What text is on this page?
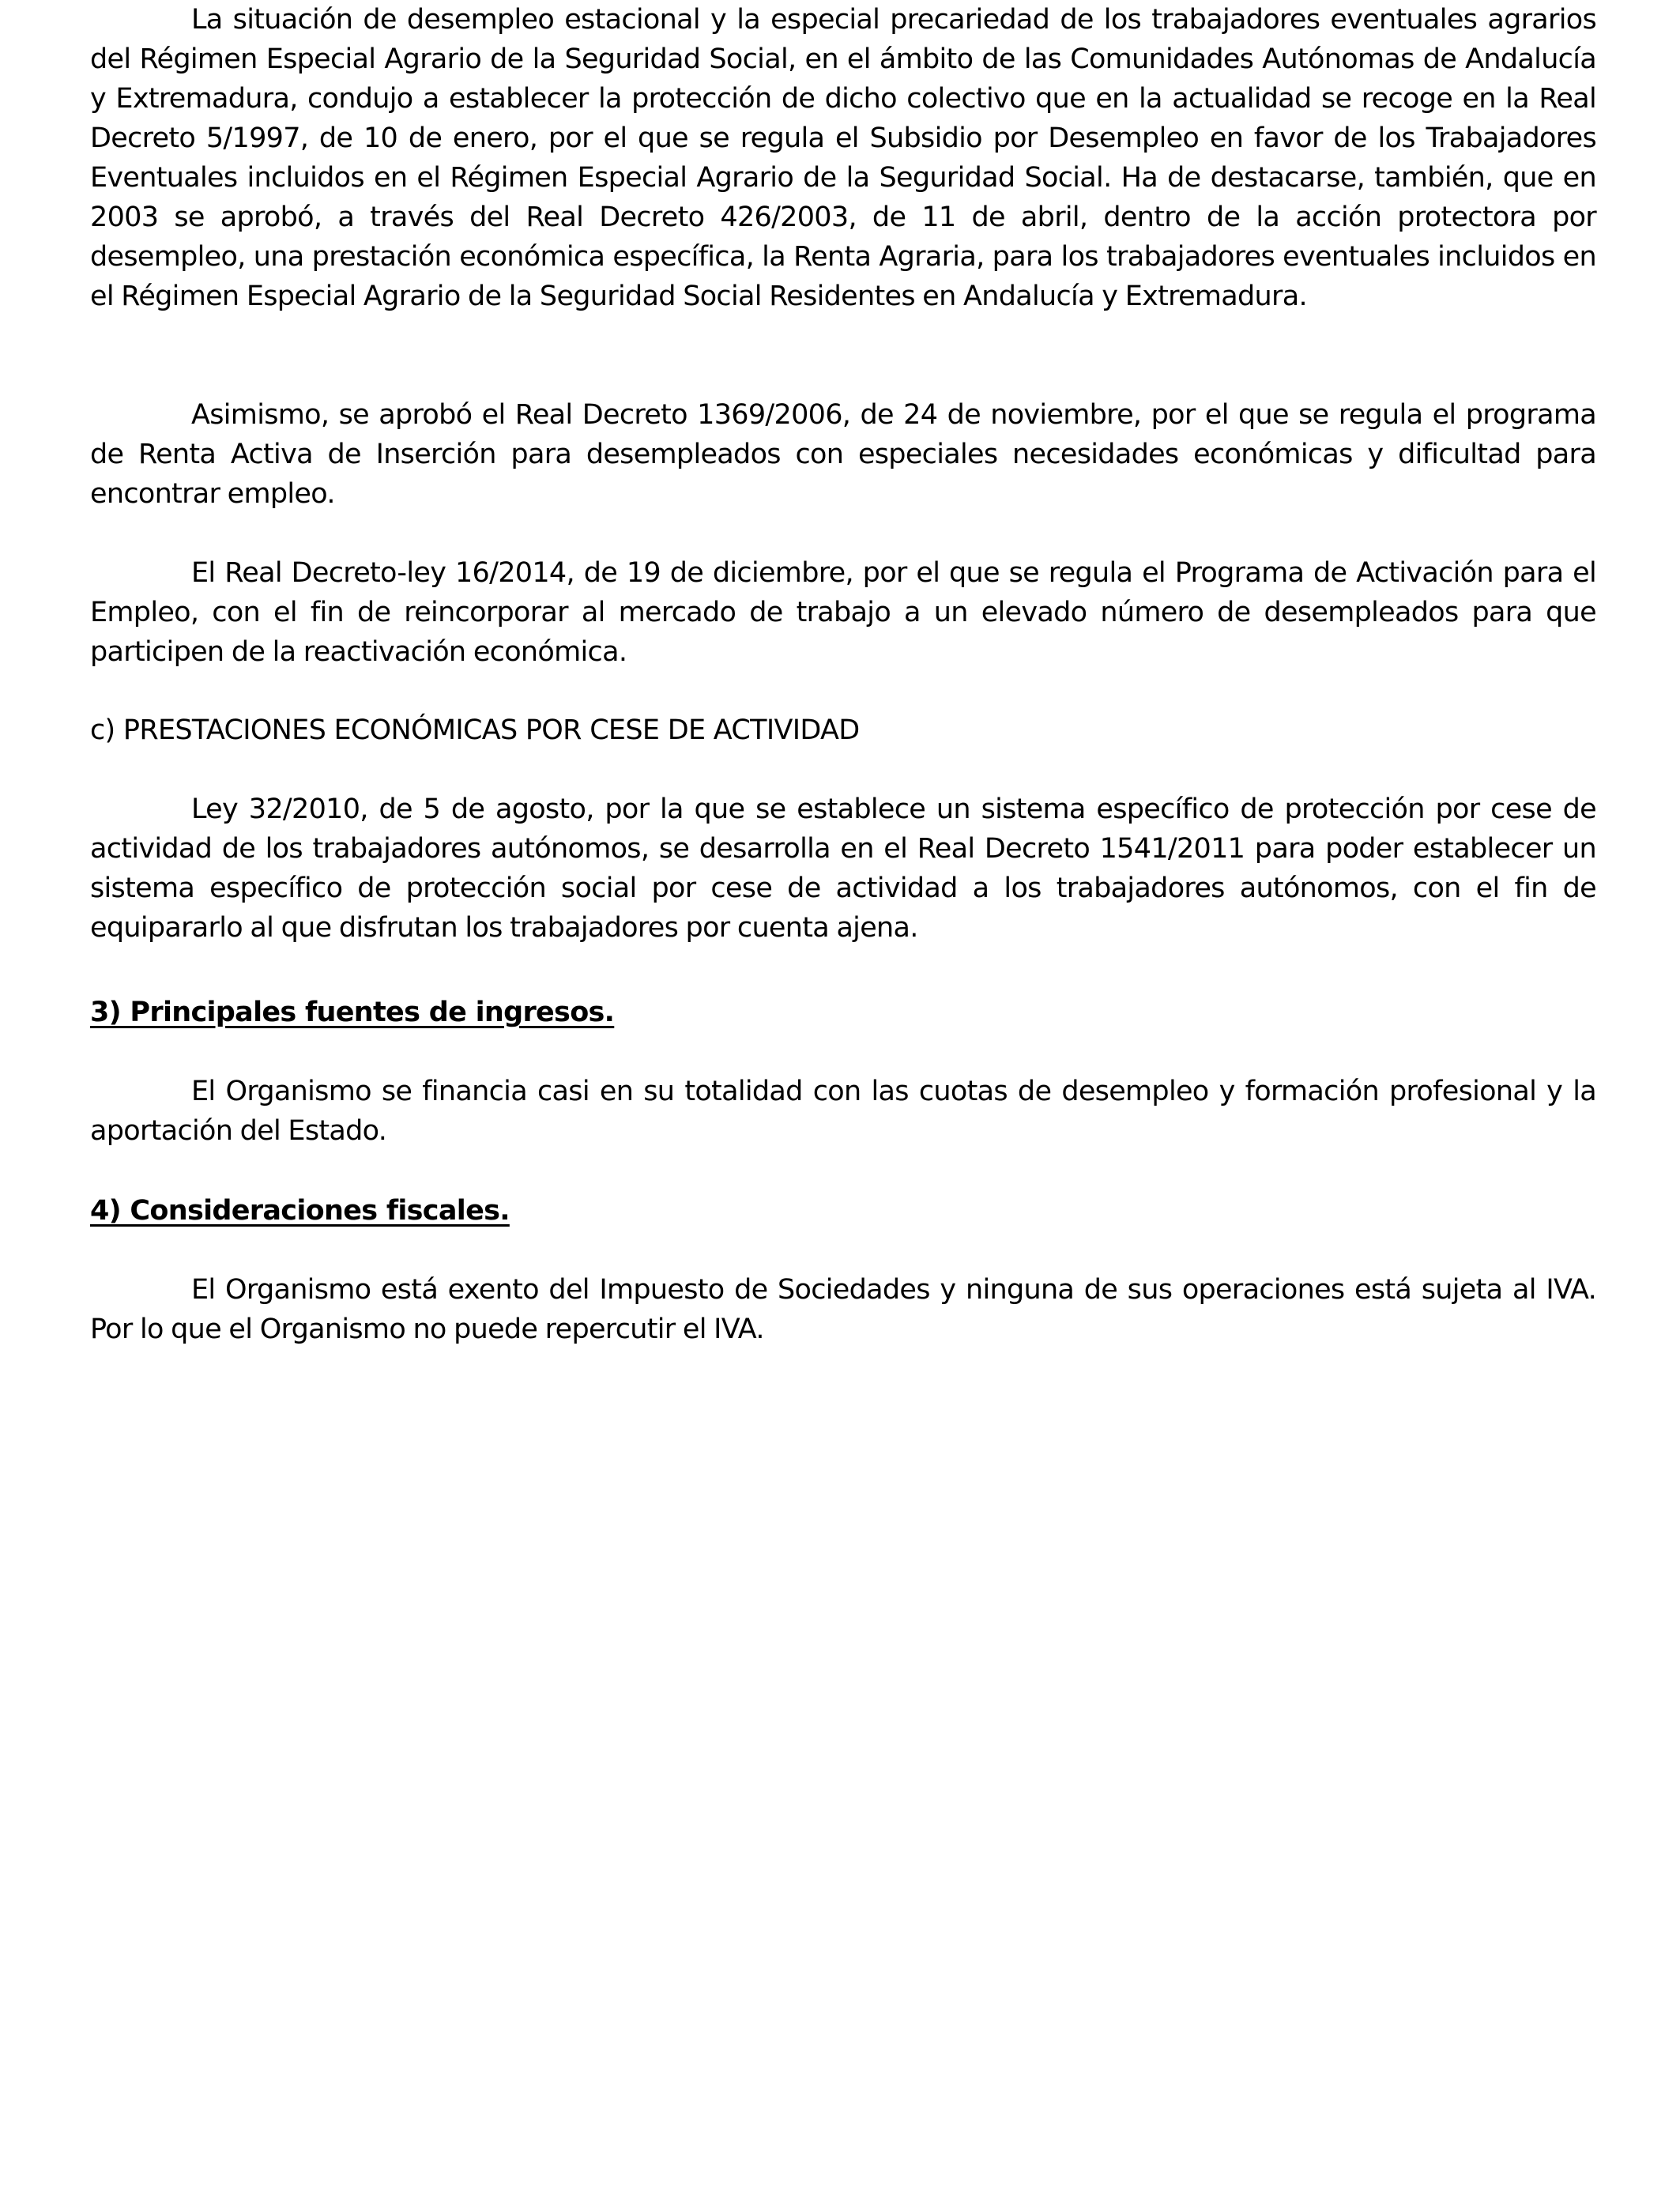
La situación de desempleo estacional y la especial precariedad de los trabajadores eventuales agrarios del Régimen Especial Agrario de la Seguridad Social, en el ámbito de las Comunidades Autónomas de Andalucía y Extremadura, condujo a establecer la protección de dicho colectivo que en la actualidad se recoge en la Real Decreto 5/1997, de 10 de enero, por el que se regula el Subsidio por Desempleo en favor de los Trabajadores Eventuales incluidos en el Régimen Especial Agrario de la Seguridad Social. Ha de destacarse, también, que en 2003 se aprobó, a través del Real Decreto 426/2003, de 11 de abril, dentro de la acción protectora por desempleo, una prestación económica específica, la Renta Agraria, para los trabajadores eventuales incluidos en el Régimen Especial Agrario de la Seguridad Social Residentes en Andalucía y Extremadura.

Asimismo, se aprobó el Real Decreto 1369/2006, de 24 de noviembre, por el que se regula el programa de Renta Activa de Inserción para desempleados con especiales necesidades económicas y dificultad para encontrar empleo.

El Real Decreto-ley 16/2014, de 19 de diciembre, por el que se regula el Programa de Activación para el Empleo, con el fin de reincorporar al mercado de trabajo a un elevado número de desempleados para que participen de la reactivación económica.

c) PRESTACIONES ECONÓMICAS POR CESE DE ACTIVIDAD

Ley 32/2010, de 5 de agosto, por la que se establece un sistema específico de protección por cese de actividad de los trabajadores autónomos, se desarrolla en el Real Decreto 1541/2011 para poder establecer un sistema específico de protección social por cese de actividad a los trabajadores autónomos, con el fin de equipararlo al que disfrutan los trabajadores por cuenta ajena.

3) Principales fuentes de ingresos.

El Organismo se financia casi en su totalidad con las cuotas de desempleo y formación profesional y la aportación del Estado.

4) Consideraciones fiscales.

El Organismo está exento del Impuesto de Sociedades y ninguna de sus operaciones está sujeta al IVA. Por lo que el Organismo no puede repercutir el IVA.
